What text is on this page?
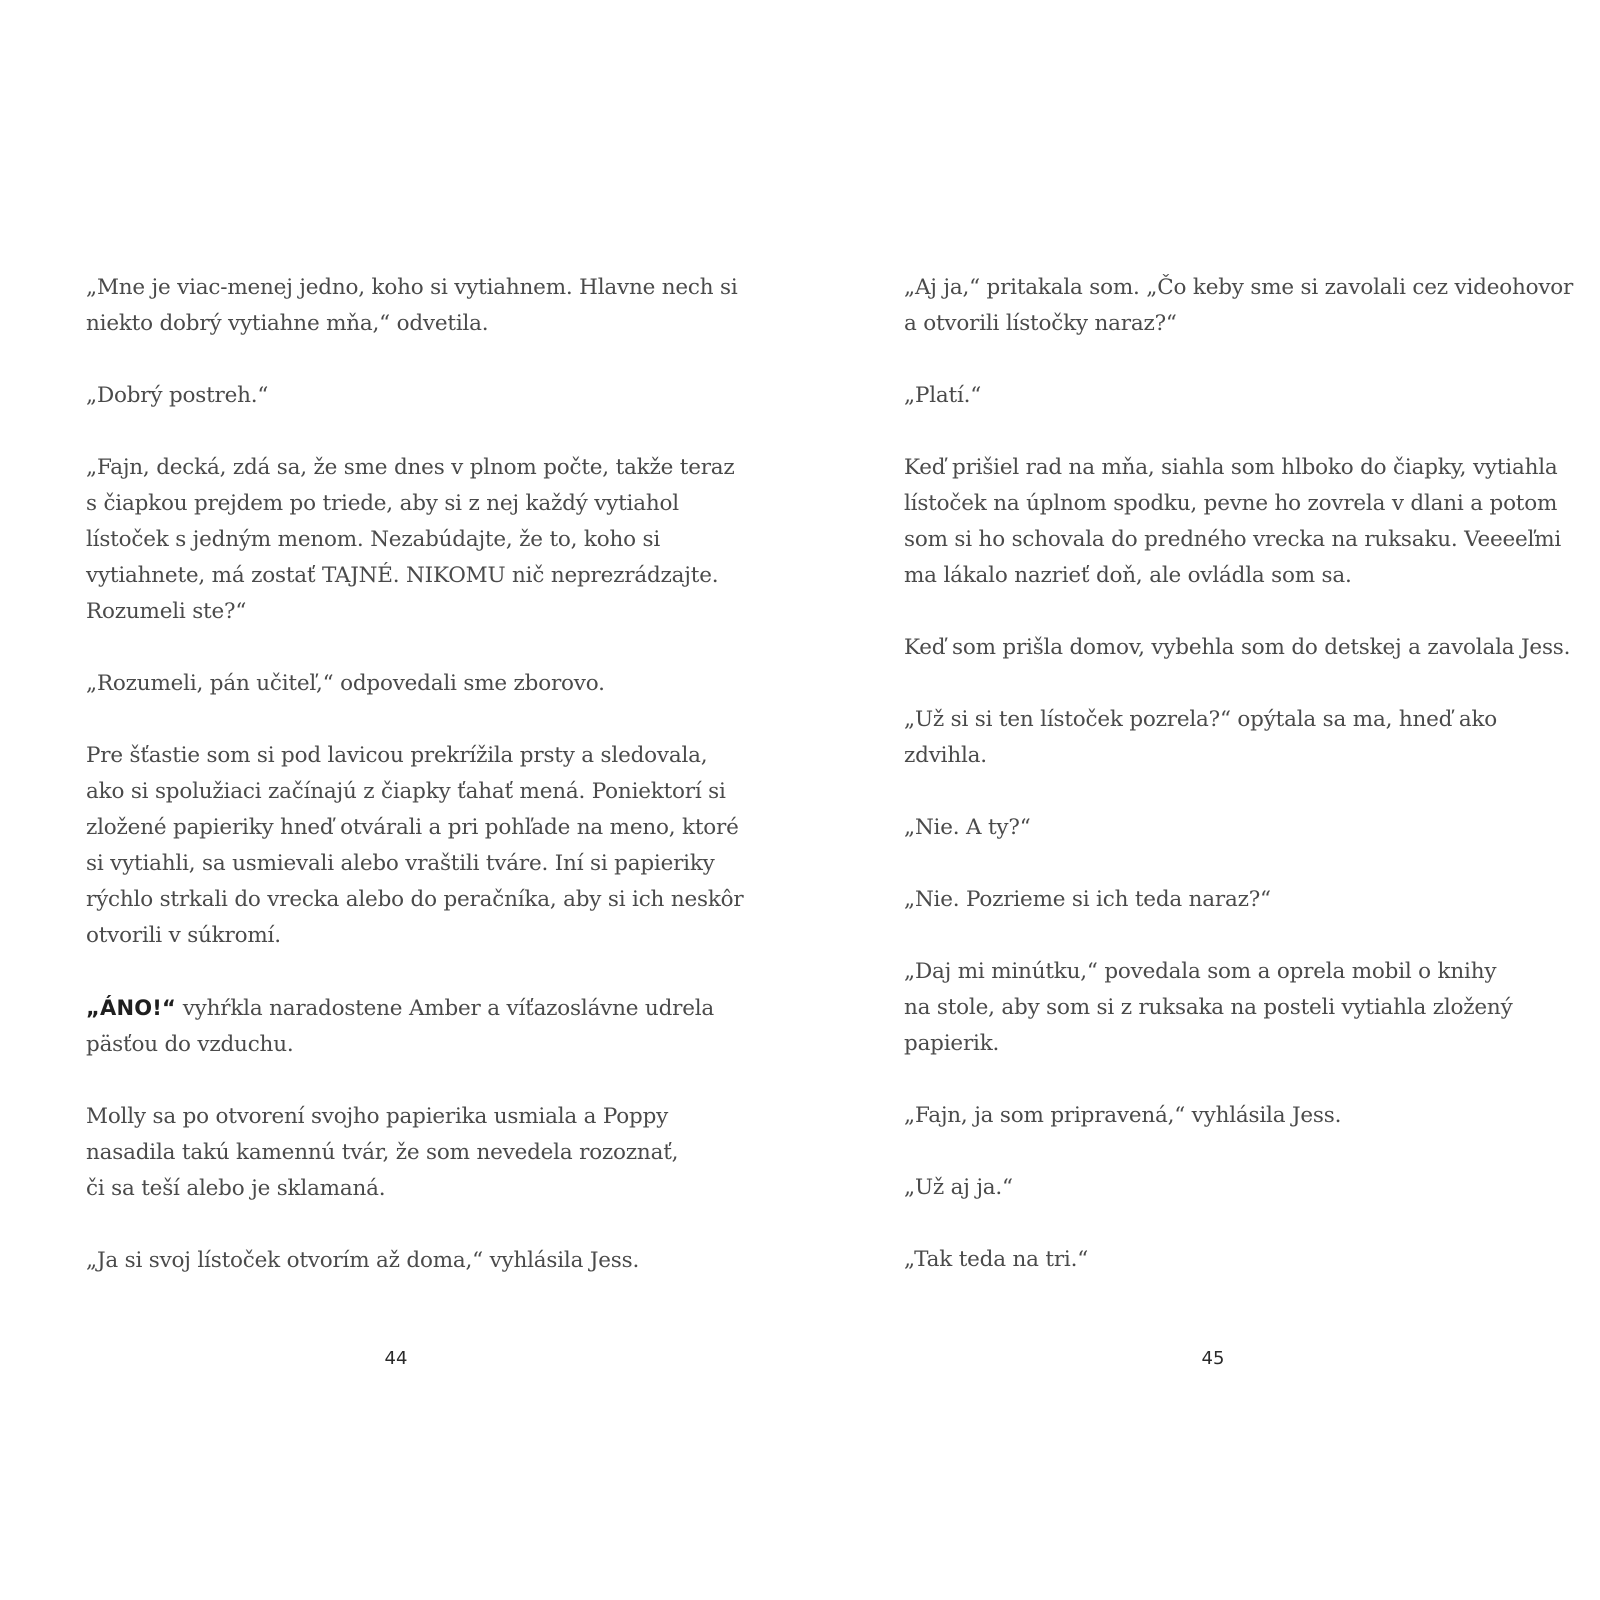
„Mne je viac-menej jedno, koho si vytiahnem. Hlavne nech si
niekto dobrý vytiahne mňa,“ odvetila.

„Dobrý postreh.“

„Fajn, decká, zdá sa, že sme dnes v plnom počte, takže teraz
s čiapkou prejdem po triede, aby si z nej každý vytiahol
lístoček s jedným menom. Nezabúdajte, že to, koho si
vytiahnete, má zostať TAJNÉ. NIKOMU nič neprezrádzajte.
Rozumeli ste?“

„Rozumeli, pán učiteľ,“ odpovedali sme zborovo.

Pre šťastie som si pod lavicou prekrížila prsty a sledovala,
ako si spolužiaci začínajú z čiapky ťahať mená. Poniektorí si
zložené papieriky hneď otvárali a pri pohľade na meno, ktoré
si vytiahli, sa usmievali alebo vraštili tváre. Iní si papieriky
rýchlo strkali do vrecka alebo do peračníka, aby si ich neskôr
otvorili v súkromí.

„ÁNO!“ vyhŕkla naradostene Amber a víťazoslávne udrela
päsťou do vzduchu.

Molly sa po otvorení svojho papierika usmiala a Poppy
nasadila takú kamennú tvár, že som nevedela rozoznať,
či sa teší alebo je sklamaná.

„Ja si svoj lístoček otvorím až doma,“ vyhlásila Jess.

„Aj ja,“ pritakala som. „Čo keby sme si zavolali cez videohovor
a otvorili lístočky naraz?“

„Platí.“

Keď prišiel rad na mňa, siahla som hlboko do čiapky, vytiahla
lístoček na úplnom spodku, pevne ho zovrela v dlani a potom
som si ho schovala do predného vrecka na ruksaku. Veeeeľmi
ma lákalo nazrieť doň, ale ovládla som sa.

Keď som prišla domov, vybehla som do detskej a zavolala Jess.

„Už si si ten lístoček pozrela?“ opýtala sa ma, hneď ako
zdvihla.

„Nie. A ty?“

„Nie. Pozrieme si ich teda naraz?“

„Daj mi minútku,“ povedala som a oprela mobil o knihy
na stole, aby som si z ruksaka na posteli vytiahla zložený
papierik.

„Fajn, ja som pripravená,“ vyhlásila Jess.

„Už aj ja.“

„Tak teda na tri.“

44	45
